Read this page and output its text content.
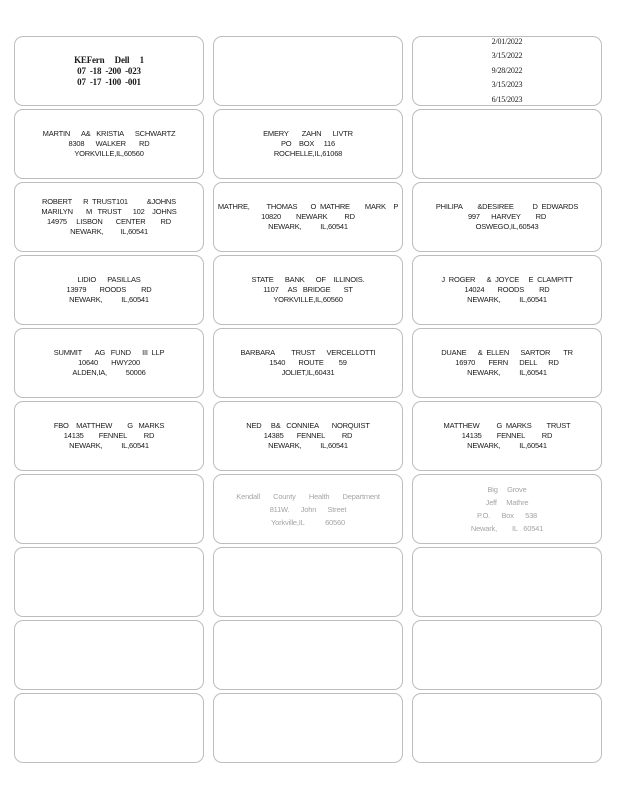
KEFern     Dell     1
07  -18  -200  -023
07  -17  -100  -001
2/01/2022
3/15/2022
9/28/2022
3/15/2023
6/15/2023
MARTIN      A&   KRISTIA      SCHWARTZ
8308      WALKER       RD
YORKVILLE,IL,60560
EMERY       ZAHN      LIVTR
PO    BOX     116
ROCHELLE,IL,61068
ROBERT      R  TRUST101          &JOHNS
MARILYN       M   TRUST      102    JOHNS
14975     LISBON       CENTER        RD
NEWARK,         IL,60541
MATHRE,         THOMAS       O  MATHRE        MARK    P
10820        NEWARK         RD
NEWARK,          IL,60541
PHILIPA        &DESIREE          D  EDWARDS
997      HARVEY        RD
OSWEGO,IL,60543
LIDIO      PASILLAS
13979       ROODS        RD
NEWARK,          IL,60541
STATE      BANK      OF    ILLINOIS.
1107     AS   BRIDGE       ST
YORKVILLE,IL,60560
J  ROGER      &  JOYCE     E  CLAMPITT
14024       ROODS        RD
NEWARK,          IL,60541
SUMMIT       AG   FUND      III  LLP
10640       HWY200
ALDEN,IA,          50006
BARBARA         TRUST      VERCELLOTTI
1540       ROUTE        59
JOLIET,IL,60431
DUANE      &  ELLEN      SARTOR       TR
16970       FERN      DELL      RD
NEWARK,          IL,60541
FBO    MATTHEW        G   MARKS
14135        FENNEL         RD
NEWARK,          IL,60541
NED     B&   CONNIEA       NORQUIST
14385       FENNEL         RD
NEWARK,          IL,60541
MATTHEW         G  MARKS        TRUST
14135        FENNEL         RD
NEWARK,          IL,60541
Kendall       County       Health       Department
811W.      John      Street
Yorkville,IL           60560
Big     Grove
Jeff     Mathre
P.O.      Box      538
Newark,        IL   60541
